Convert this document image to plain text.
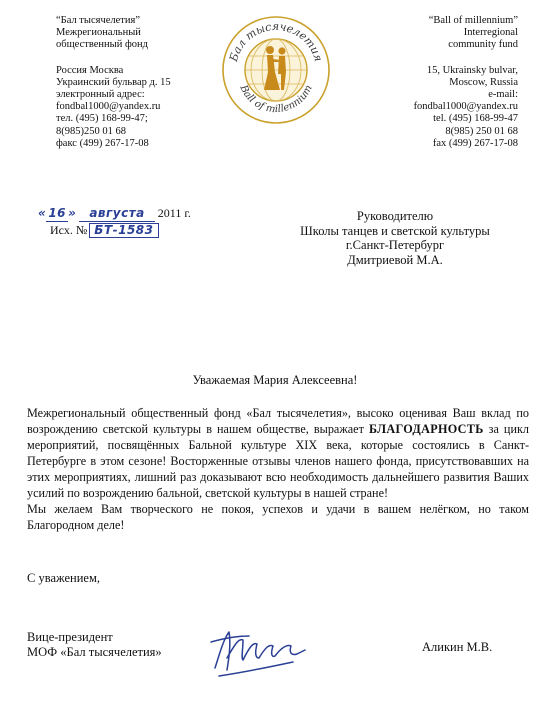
“Бал тысячелетия”
Межрегиональный
общественный фонд
Россия Москва
Украинский бульвар д. 15
электронный адрес:
fondbal1000@yandex.ru
тел. (495) 168-99-47;
8(985)250 01 68
факс (499) 267-17-08
Бал тысячелетия
Ball of millennium
“Ball of millennium”
Interregional
community fund
15, Ukrainsky bulvar,
Moscow, Russia
e-mail:
fondbal1000@yandex.ru
tel. (495) 168-99-47
8(985) 250 01 68
fax (499) 267-17-08
« 16 » августа 2011 г.
Исх. № БТ-1583
Руководителю
Школы танцев и светской культуры
г.Санкт-Петербург
Дмитриевой М.А.
Уважаемая Мария Алексеевна!

Межрегиональный общественный фонд «Бал тысячелетия», высоко оценивая Ваш вклад по возрождению светской культуры в нашем обществе, выражает БЛАГОДАРНОСТЬ за цикл мероприятий, посвящённых Бальной культуре XIX века, которые состоялись в Санкт-Петербурге в этом сезоне! Восторженные отзывы членов нашего фонда, присутствовавших на этих мероприятиях, лишний раз доказывают всю необходимость дальнейшего развития Ваших усилий по возрождению бальной, светской культуры в нашей стране!

Мы желаем Вам творческого не покоя, успехов и удачи в вашем нелёгком, но таком Благородном деле!

С уважением,
Вице-президент
МОФ «Бал тысячелетия»	Аликин М.В.
